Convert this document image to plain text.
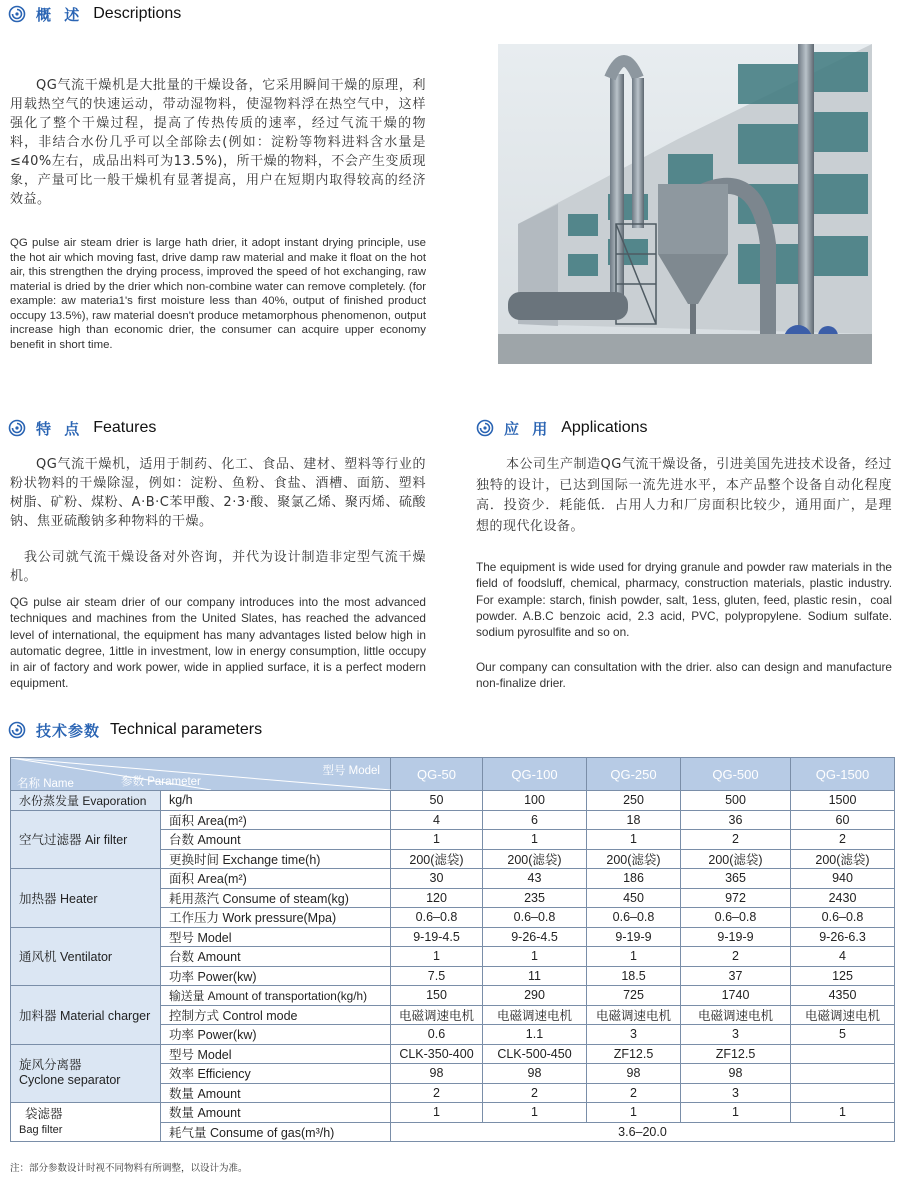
概 述 Descriptions
QG气流干燥机是大批量的干燥设备，它采用瞬间干燥的原理，利用载热空气的快速运动，带动湿物料，使湿物料浮在热空气中，这样强化了整个干燥过程，提高了传热传质的速率，经过气流干燥的物料，非结合水份几乎可以全部除去(例如：淀粉等物料进料含水量是≤40%左右，成品出料可为13.5%)，所干燥的物料，不会产生变质现象，产量可比一般干燥机有显著提高，用户在短期内取得较高的经济效益。
QG pulse air steam drier is large hath drier, it adopt instant drying principle, use the hot air which moving fast, drive damp raw material and make it float on the hot air, this strengthen the drying process, improved the speed of hot exchanging, raw material is dried by the drier which non-combine water can remove completely. (for example: aw materia1's first moisture less than 40%, output of finished product occupy 13.5%), raw material doesn't produce metamorphous phenomenon, output increase high than economic drier, the consumer can acquire upper economy benefit in short time.
特 点 Features
QG气流干燥机，适用于制药、化工、食品、建材、塑料等行业的粉状物料的干燥除湿，例如：淀粉、鱼粉、食盐、酒槽、面筋、塑料树脂、矿粉、煤粉、A·B·C苯甲酸、2·3·酸、聚氯乙烯、聚丙烯、硫酸钠、焦亚硫酸钠多种物料的干燥。
我公司就气流干燥设备对外咨询，并代为设计制造非定型气流干燥机。
QG pulse air steam drier of our company introduces into the most advanced techniques and machines from the United Slates, has reached the advanced level of international, the equipment has many advantages listed below high in automatic degree, 1ittle in investment, low in energy consumption, little occupy in air of factory and work power, wide in applied surface, it is a perfect modern equipment.
应 用 Applications
本公司生产制造QG气流干燥设备，引进美国先进技术设备，经过独特的设计，已达到国际一流先进水平，本产品整个设备自动化程度高．投资少．耗能低．占用人力和厂房面积比较少，通用面广，是理想的现代化设备。
The equipment is wide used for drying granule and powder raw materials in the field of foodsluff, chemical, pharmacy, construction materials, plastic industry. For example: starch, finish powder, salt, 1ess, gluten, feed, plastic resin，coal powder. A.B.C benzoic acid, 2.3 acid, PVC, polypropylene. Sodium sulfate. sodium pyrosulfite and so on.
Our company can consultation with the drier. also can design and manufacture non-finalize drier.
技术参数 Technical parameters
型号 Model
参数 Parameter
名称 Name		QG-50	QG-100	QG-250	QG-500	QG-1500
水份蒸发量 Evaporation	kg/h	50	100	250	500	1500
空气过滤器 Air filter	面积 Area(m²)	4	6	18	36	60
	台数 Amount	1	1	1	2	2
	更换时间 Exchange time(h)	200(滤袋)	200(滤袋)	200(滤袋)	200(滤袋)	200(滤袋)
加热器 Heater	面积 Area(m²)	30	43	186	365	940
	耗用蒸汽 Consume of steam(kg)	120	235	450	972	2430
	工作压力 Work pressure(Mpa)	0.6–0.8	0.6–0.8	0.6–0.8	0.6–0.8	0.6–0.8
通风机 Ventilator	型号 Model	9-19-4.5	9-26-4.5	9-19-9	9-19-9	9-26-6.3
	台数 Amount	1	1	1	2	4
	功率 Power(kw)	7.5	11	18.5	37	125
加料器 Material charger	输送量 Amount of transportation(kg/h)	150	290	725	1740	4350
	控制方式 Control mode	电磁调速电机	电磁调速电机	电磁调速电机	电磁调速电机	电磁调速电机
	功率 Power(kw)	0.6	1.1	3	3	5
旋风分离器
Cyclone separator	型号 Model	CLK-350-400	CLK-500-450	ZF12.5	ZF12.5	
	效率 Efficiency	98	98	98	98	
	数量 Amount	2	2	2	3	
袋滤器
Bag filter	数量 Amount	1	1	1	1	1
	耗气量 Consume of gas(m³/h)	3.6–20.0				
注：部分参数设计时视不同物料有所调整，以设计为准。
